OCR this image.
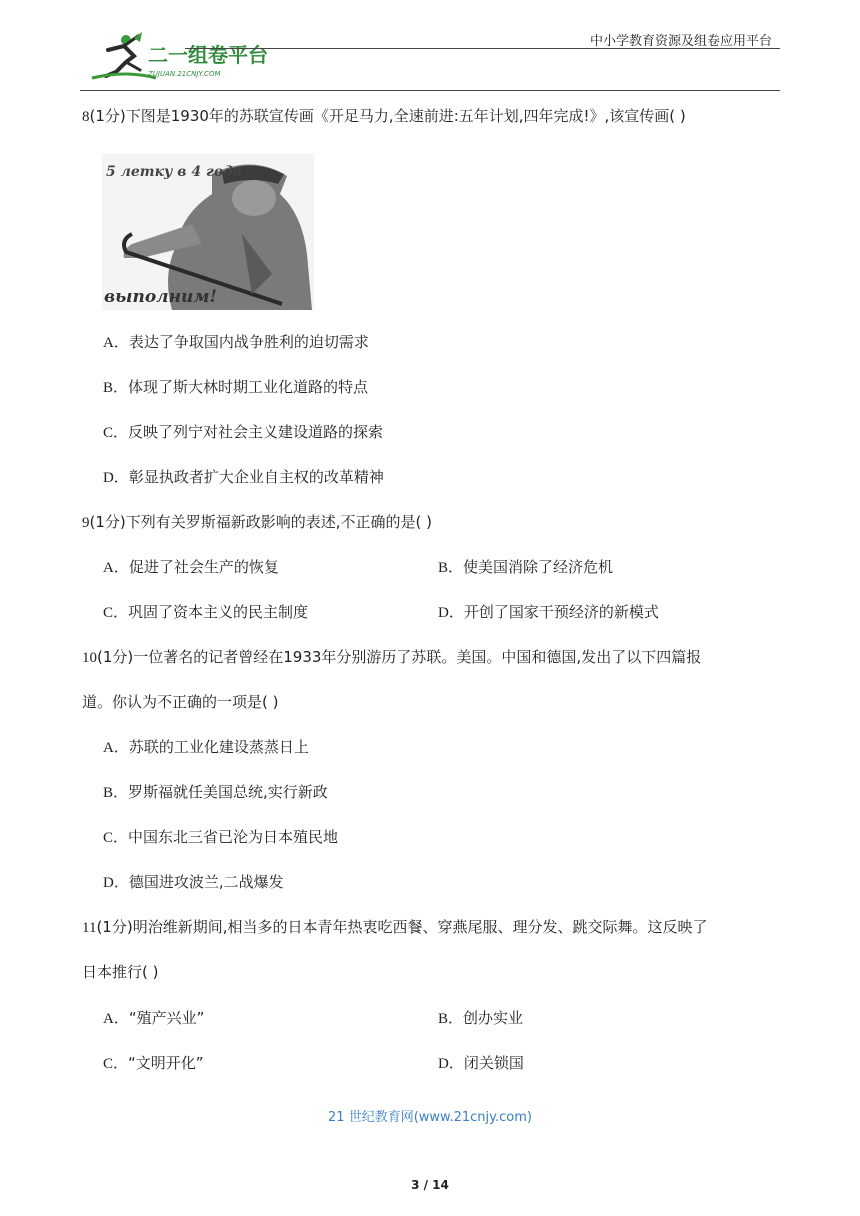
二一组卷平台
ZUJUAN.21CNJY.COM
中小学教育资源及组卷应用平台
8(1分)下图是1930年的苏联宣传画《开足马力,全速前进:五年计划,四年完成!》,该宣传画( )
5 летку в 4 года
выполним!
A．表达了争取国内战争胜利的迫切需求
B．体现了斯大林时期工业化道路的特点
C．反映了列宁对社会主义建设道路的探索
D．彰显执政者扩大企业自主权的改革精神
9(1分)下列有关罗斯福新政影响的表述,不正确的是( )
A．促进了社会生产的恢复	B．使美国消除了经济危机
C．巩固了资本主义的民主制度	D．开创了国家干预经济的新模式
10(1分)一位著名的记者曾经在1933年分别游历了苏联。美国。中国和德国,发出了以下四篇报
道。你认为不正确的一项是( )
A．苏联的工业化建设蒸蒸日上
B．罗斯福就任美国总统,实行新政
C．中国东北三省已沦为日本殖民地
D．德国进攻波兰,二战爆发
11(1分)明治维新期间,相当多的日本青年热衷吃西餐、穿燕尾服、理分发、跳交际舞。这反映了
日本推行( )
A．“殖产兴业”	B．创办实业
C．“文明开化”	D．闭关锁国
21 世纪教育网(www.21cnjy.com)
3 / 14
